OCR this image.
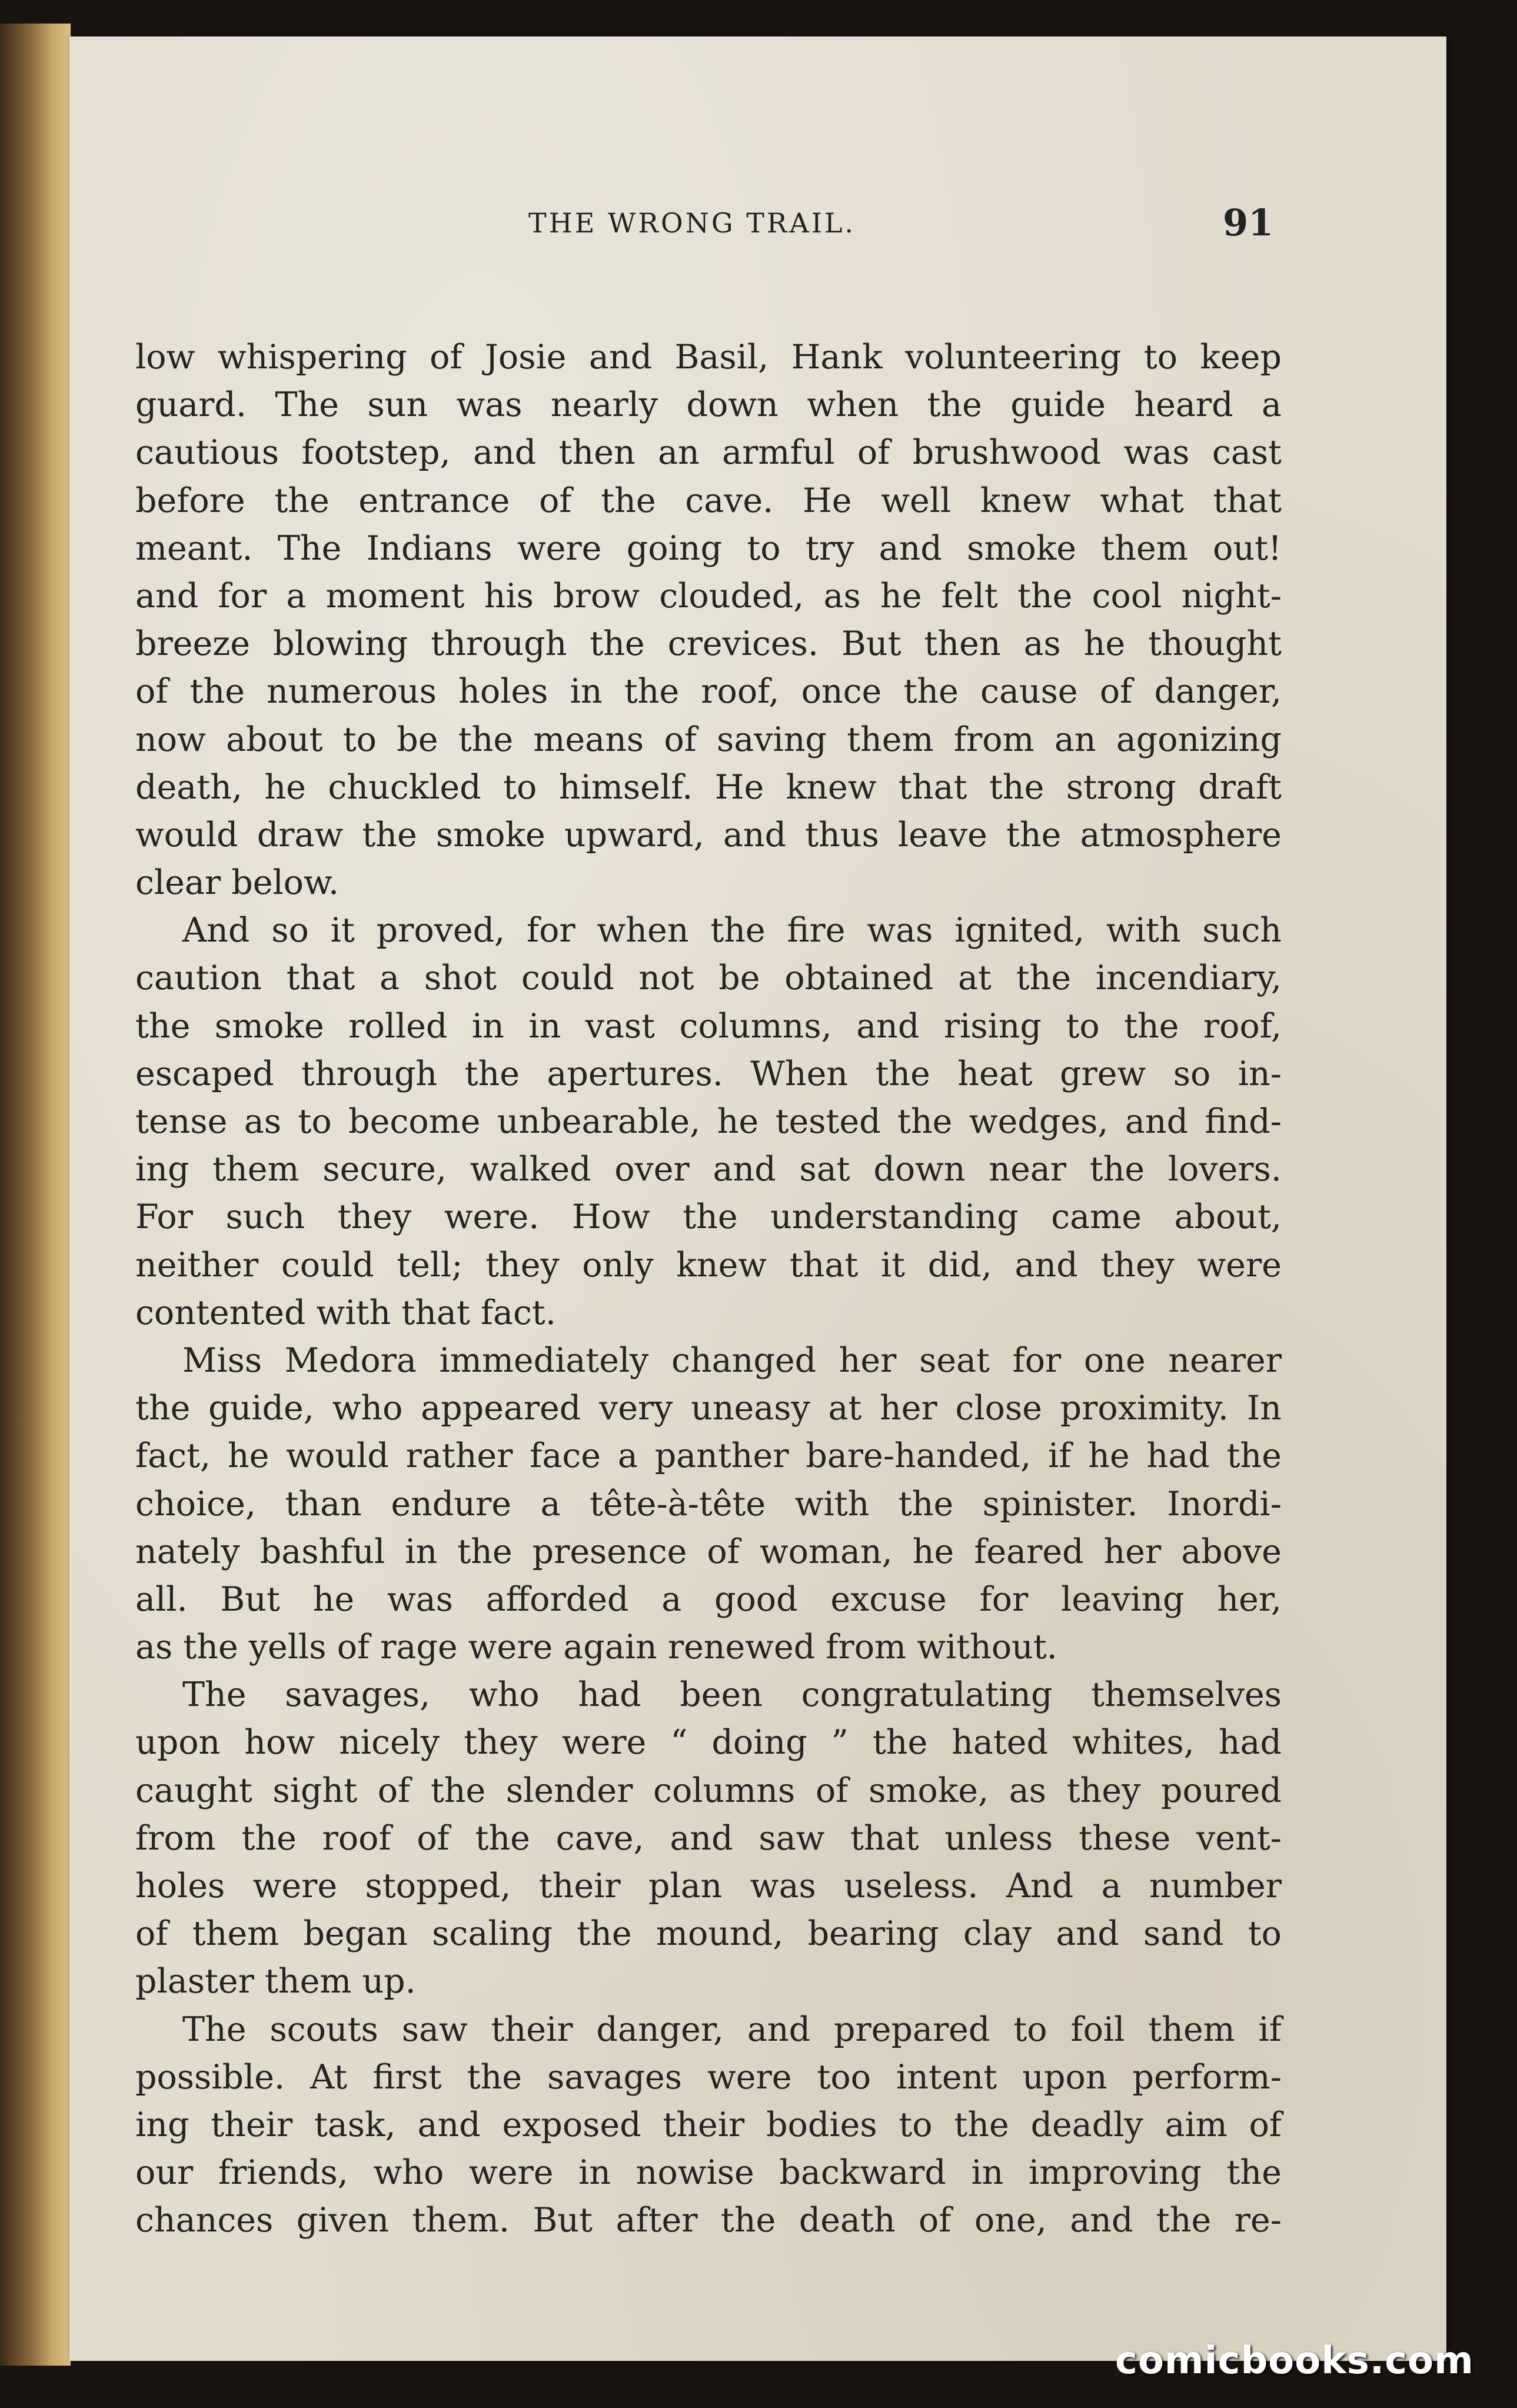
THE WRONG TRAIL.	91
low whispering of Josie and Basil, Hank volunteering to keep
guard. The sun was nearly down when the guide heard a
cautious footstep, and then an armful of brushwood was cast
before the entrance of the cave. He well knew what that
meant. The Indians were going to try and smoke them out!
and for a moment his brow clouded, as he felt the cool night-
breeze blowing through the crevices. But then as he thought
of the numerous holes in the roof, once the cause of danger,
now about to be the means of saving them from an agonizing
death, he chuckled to himself. He knew that the strong draft
would draw the smoke upward, and thus leave the atmosphere
clear below.
And so it proved, for when the fire was ignited, with such
caution that a shot could not be obtained at the incendiary,
the smoke rolled in in vast columns, and rising to the roof,
escaped through the apertures. When the heat grew so in-
tense as to become unbearable, he tested the wedges, and find-
ing them secure, walked over and sat down near the lovers.
For such they were. How the understanding came about,
neither could tell; they only knew that it did, and they were
contented with that fact.
Miss Medora immediately changed her seat for one nearer
the guide, who appeared very uneasy at her close proximity. In
fact, he would rather face a panther bare-handed, if he had the
choice, than endure a tête-à-tête with the spinister. Inordi-
nately bashful in the presence of woman, he feared her above
all. But he was afforded a good excuse for leaving her,
as the yells of rage were again renewed from without.
The savages, who had been congratulating themselves
upon how nicely they were “ doing ” the hated whites, had
caught sight of the slender columns of smoke, as they poured
from the roof of the cave, and saw that unless these vent-
holes were stopped, their plan was useless. And a number
of them began scaling the mound, bearing clay and sand to
plaster them up.
The scouts saw their danger, and prepared to foil them if
possible. At first the savages were too intent upon perform-
ing their task, and exposed their bodies to the deadly aim of
our friends, who were in nowise backward in improving the
chances given them. But after the death of one, and the re-
comicbooks.com
